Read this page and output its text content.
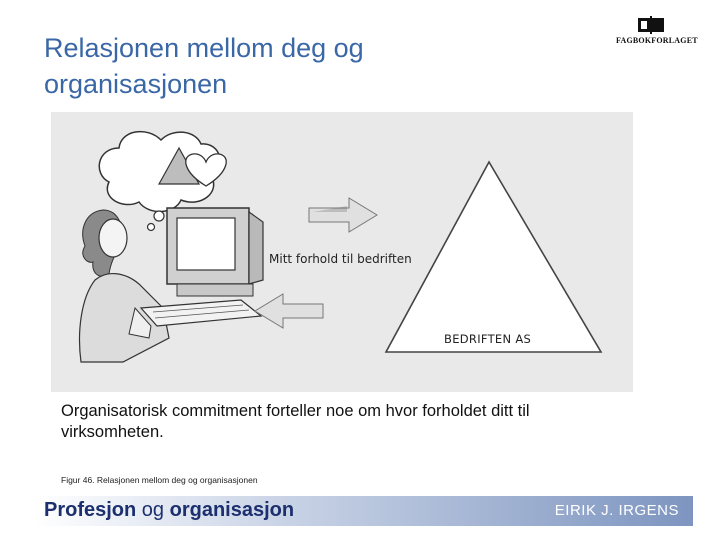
Relasjonen mellom deg og organisasjonen
FAGBOKFORLAGET
Mitt forhold til bedriften
BEDRIFTEN AS
Organisatorisk commitment forteller noe om hvor forholdet ditt til virksomheten.
Figur 46. Relasjonen mellom deg og organisasjonen
Profesjon og organisasjon	EIRIK J. IRGENS
